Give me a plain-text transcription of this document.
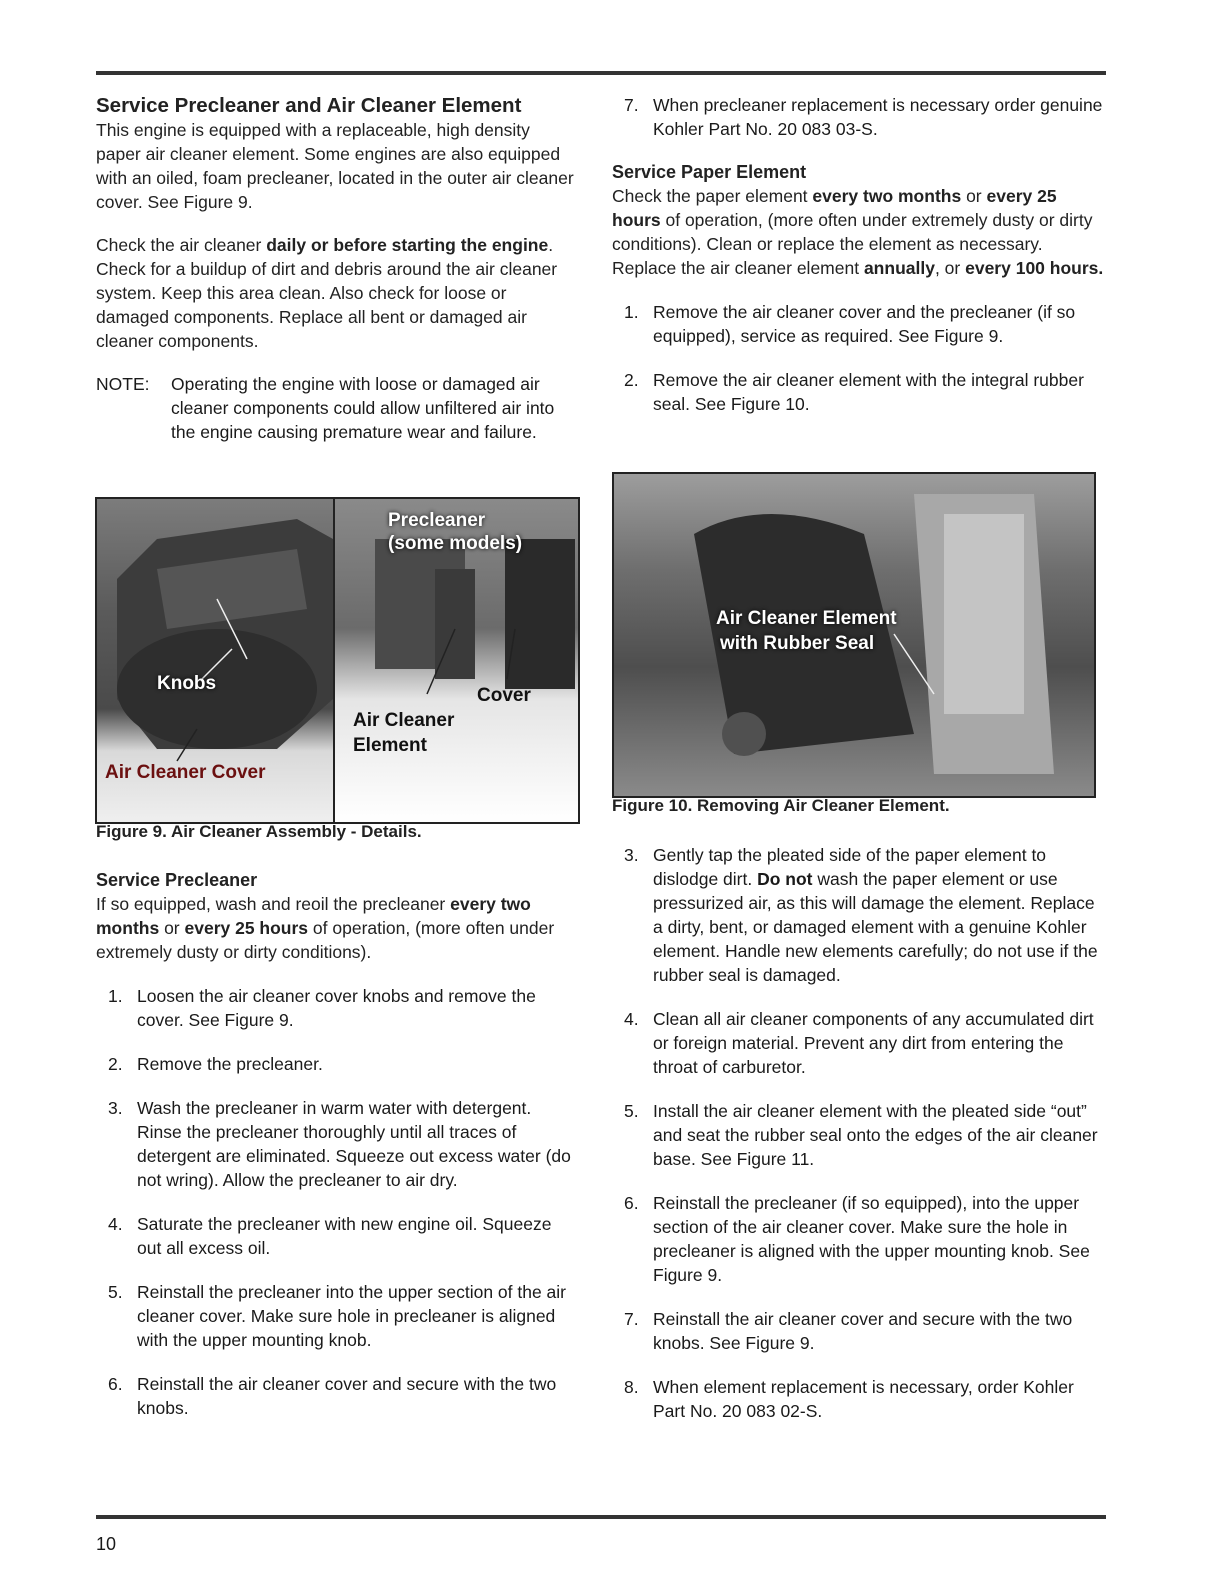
Service Precleaner and Air Cleaner Element

This engine is equipped with a replaceable, high density paper air cleaner element. Some engines are also equipped with an oiled, foam precleaner, located in the outer air cleaner cover. See Figure 9.

Check the air cleaner daily or before starting the engine. Check for a buildup of dirt and debris around the air cleaner system. Keep this area clean. Also check for loose or damaged components. Replace all bent or damaged air cleaner components.

NOTE:	Operating the engine with loose or damaged air cleaner components could allow unfiltered air into the engine causing premature wear and failure.
Knobs
Air Cleaner Cover
Precleaner
(some models)
Cover
Air Cleaner
Element
Figure 9. Air Cleaner Assembly - Details.
Service Precleaner

If so equipped, wash and reoil the precleaner every two months or every 25 hours of operation, (more often under extremely dusty or dirty conditions).

1. Loosen the air cleaner cover knobs and remove the cover. See Figure 9.
2. Remove the precleaner.
3. Wash the precleaner in warm water with detergent. Rinse the precleaner thoroughly until all traces of detergent are eliminated. Squeeze out excess water (do not wring). Allow the precleaner to air dry.
4. Saturate the precleaner with new engine oil. Squeeze out all excess oil.
5. Reinstall the precleaner into the upper section of the air cleaner cover. Make sure hole in precleaner is aligned with the upper mounting knob.
6. Reinstall the air cleaner cover and secure with the two knobs.
7. When precleaner replacement is necessary order genuine Kohler Part No. 20 083 03-S.
Service Paper Element

Check the paper element every two months or every 25 hours of operation, (more often under extremely dusty or dirty conditions). Clean or replace the element as necessary. Replace the air cleaner element annually, or every 100 hours.

1. Remove the air cleaner cover and the precleaner (if so equipped), service as required. See Figure 9.
2. Remove the air cleaner element with the integral rubber seal. See Figure 10.
Air Cleaner Element
with Rubber Seal
Figure 10. Removing Air Cleaner Element.
3. Gently tap the pleated side of the paper element to dislodge dirt. Do not wash the paper element or use pressurized air, as this will damage the element. Replace a dirty, bent, or damaged element with a genuine Kohler element. Handle new elements carefully; do not use if the rubber seal is damaged.
4. Clean all air cleaner components of any accumulated dirt or foreign material. Prevent any dirt from entering the throat of carburetor.
5. Install the air cleaner element with the pleated side “out” and seat the rubber seal onto the edges of the air cleaner base. See Figure 11.
6. Reinstall the precleaner (if so equipped), into the upper section of the air cleaner cover. Make sure the hole in precleaner is aligned with the upper mounting knob. See Figure 9.
7. Reinstall the air cleaner cover and secure with the two knobs. See Figure 9.
8. When element replacement is necessary, order Kohler Part No. 20 083 02-S.
10
